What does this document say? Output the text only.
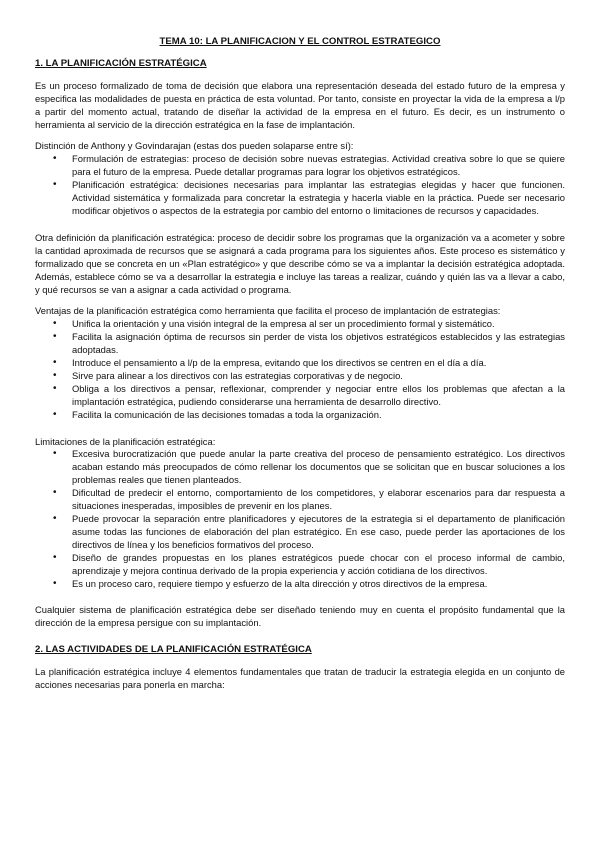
TEMA 10: LA PLANIFICACION Y EL CONTROL ESTRATEGICO
1. LA PLANIFICACIÓN ESTRATÉGICA

Es un proceso formalizado de toma de decisión que elabora una representación deseada del estado futuro de la empresa y especifica las modalidades de puesta en práctica de esta voluntad. Por tanto, consiste en proyectar la vida de la empresa a l/p a partir del momento actual, tratando de diseñar la actividad de la empresa en el futuro. Es decir, es un instrumento o herramienta al servicio de la dirección estratégica en la fase de implantación.

Distinción de Anthony y Govindarajan (estas dos pueden solaparse entre sí):

• Formulación de estrategias: proceso de decisión sobre nuevas estrategias. Actividad creativa sobre lo que se quiere para el futuro de la empresa. Puede detallar programas para lograr los objetivos estratégicos.
• Planificación estratégica: decisiones necesarias para implantar las estrategias elegidas y hacer que funcionen. Actividad sistemática y formalizada para concretar la estrategia y hacerla viable en la práctica. Puede ser necesario modificar objetivos o aspectos de la estrategia por cambio del entorno o limitaciones de recursos y capacidades.

Otra definición da planificación estratégica: proceso de decidir sobre los programas que la organización va a acometer y sobre la cantidad aproximada de recursos que se asignará a cada programa para los siguientes años. Este proceso es sistemático y formalizado que se concreta en un «Plan estratégico» y que describe cómo se va a implantar la decisión estratégica adoptada. Además, establece cómo se va a desarrollar la estrategia e incluye las tareas a realizar, cuándo y quién las va a llevar a cabo, y qué recursos se van a asignar a cada actividad o programa.

Ventajas de la planificación estratégica como herramienta que facilita el proceso de implantación de estrategias:

• Unifica la orientación y una visión integral de la empresa al ser un procedimiento formal y sistemático.
• Facilita la asignación óptima de recursos sin perder de vista los objetivos estratégicos establecidos y las estrategias adoptadas.
• Introduce el pensamiento a l/p de la empresa, evitando que los directivos se centren en el día a día.
• Sirve para alinear a los directivos con las estrategias corporativas y de negocio.
• Obliga a los directivos a pensar, reflexionar, comprender y negociar entre ellos los problemas que afectan a la implantación estratégica, pudiendo considerarse una herramienta de desarrollo directivo.
• Facilita la comunicación de las decisiones tomadas a toda la organización.

Limitaciones de la planificación estratégica:

• Excesiva burocratización que puede anular la parte creativa del proceso de pensamiento estratégico. Los directivos acaban estando más preocupados de cómo rellenar los documentos que se solicitan que en buscar soluciones a los problemas reales que tienen planteados.
• Dificultad de predecir el entorno, comportamiento de los competidores, y elaborar escenarios para dar respuesta a situaciones inesperadas, imposibles de prevenir en los planes.
• Puede provocar la separación entre planificadores y ejecutores de la estrategia si el departamento de planificación asume todas las funciones de elaboración del plan estratégico. En ese caso, puede perder las aportaciones de los directivos de línea y los beneficios formativos del proceso.
• Diseño de grandes propuestas en los planes estratégicos puede chocar con el proceso informal de cambio, aprendizaje y mejora continua derivado de la propia experiencia y acción cotidiana de los directivos.
• Es un proceso caro, requiere tiempo y esfuerzo de la alta dirección y otros directivos de la empresa.

Cualquier sistema de planificación estratégica debe ser diseñado teniendo muy en cuenta el propósito fundamental que la dirección de la empresa persigue con su implantación.

2. LAS ACTIVIDADES DE LA PLANIFICACIÓN ESTRATÉGICA

La planificación estratégica incluye 4 elementos fundamentales que tratan de traducir la estrategia elegida en un conjunto de acciones necesarias para ponerla en marcha:
